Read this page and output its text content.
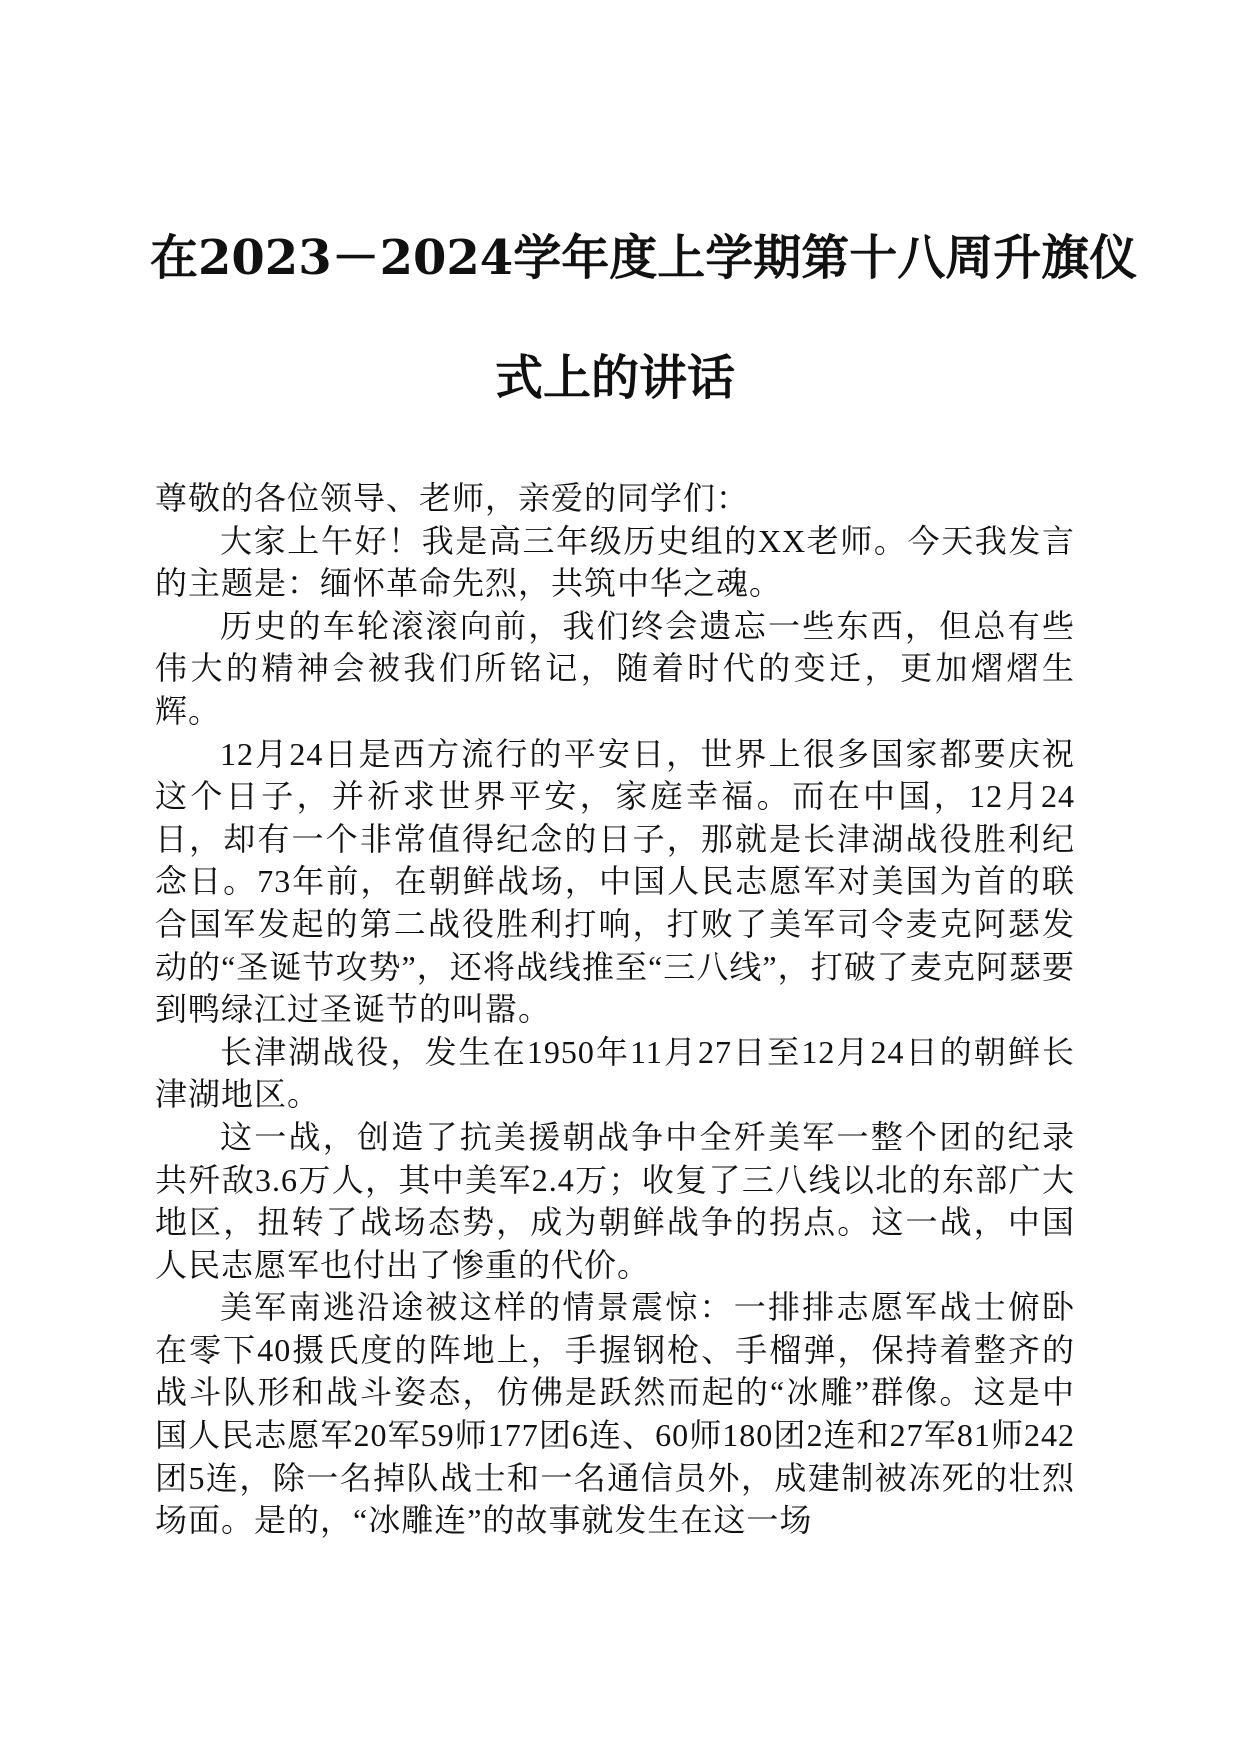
在2023－2024学年度上学期第十八周升旗仪
式上的讲话

尊敬的各位领导、老师，亲爱的同学们：

大家上午好！我是高三年级历史组的XX老师。今天我发言的主题是：缅怀革命先烈，共筑中华之魂。

历史的车轮滚滚向前，我们终会遗忘一些东西，但总有些伟大的精神会被我们所铭记，随着时代的变迁，更加熠熠生辉。

12月24日是西方流行的平安日，世界上很多国家都要庆祝这个日子，并祈求世界平安，家庭幸福。而在中国，12月24日，却有一个非常值得纪念的日子，那就是长津湖战役胜利纪念日。73年前，在朝鲜战场，中国人民志愿军对美国为首的联合国军发起的第二战役胜利打响，打败了美军司令麦克阿瑟发动的“圣诞节攻势”，还将战线推至“三八线”，打破了麦克阿瑟要到鸭绿江过圣诞节的叫嚣。

长津湖战役，发生在1950年11月27日至12月24日的朝鲜长津湖地区。

这一战，创造了抗美援朝战争中全歼美军一整个团的纪录共歼敌3.6万人，其中美军2.4万；收复了三八线以北的东部广大地区，扭转了战场态势，成为朝鲜战争的拐点。这一战，中国人民志愿军也付出了惨重的代价。

美军南逃沿途被这样的情景震惊：一排排志愿军战士俯卧在零下40摄氏度的阵地上，手握钢枪、手榴弹，保持着整齐的战斗队形和战斗姿态，仿佛是跃然而起的“冰雕”群像。这是中国人民志愿军20军59师177团6连、60师180团2连和27军81师242团5连，除一名掉队战士和一名通信员外，成建制被冻死的壮烈场面。是的，“冰雕连”的故事就发生在这一场
